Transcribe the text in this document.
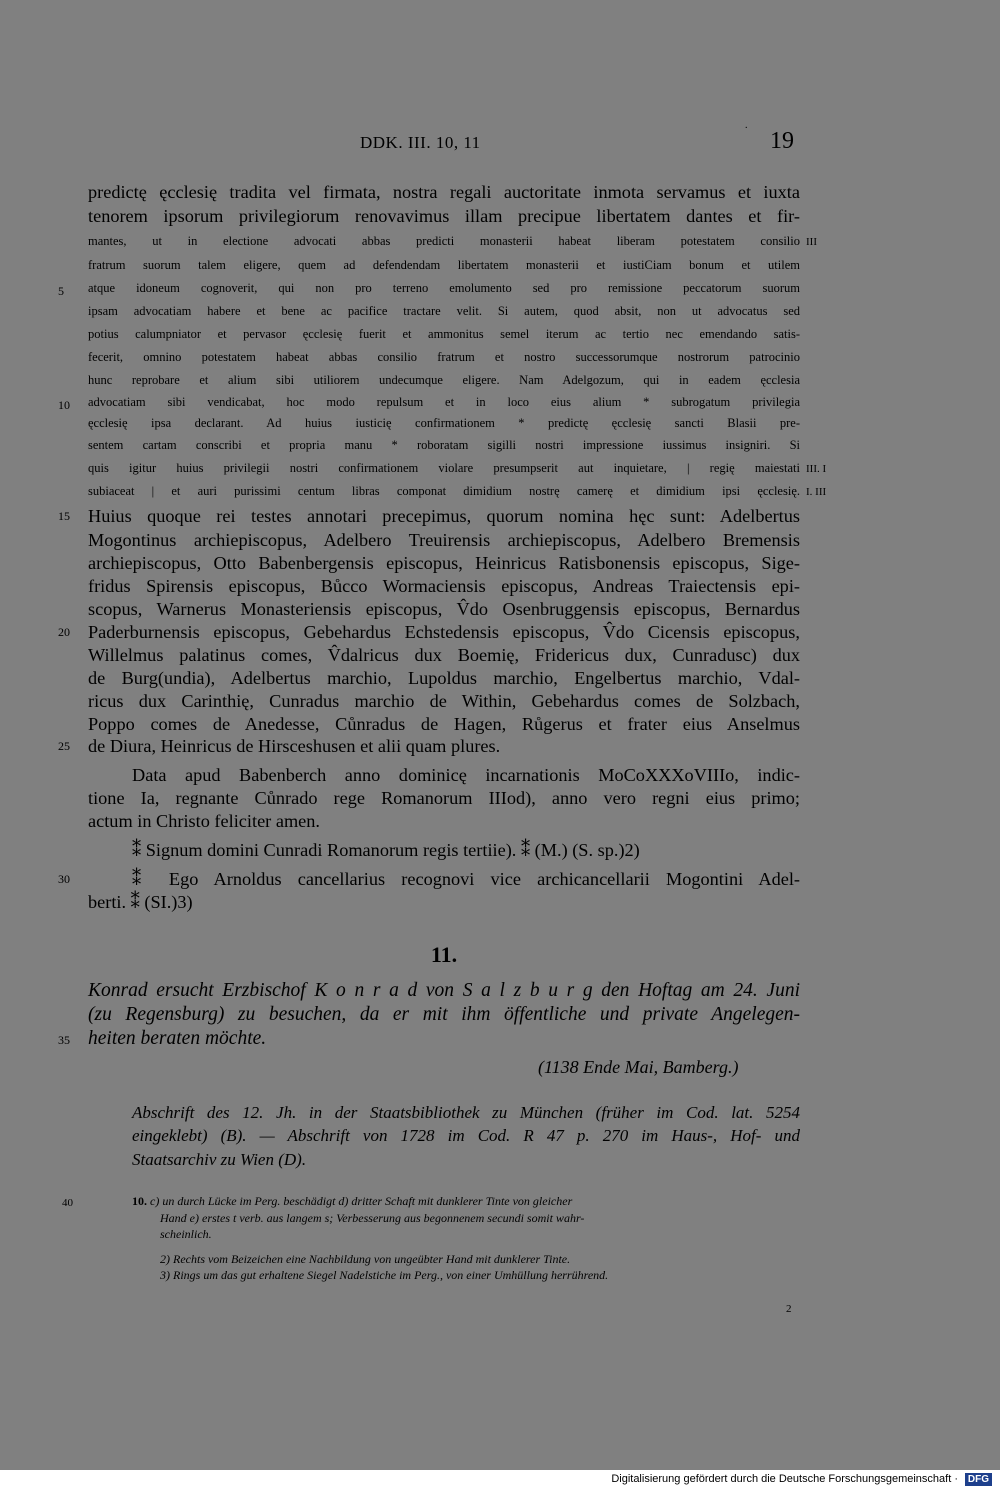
.
DDK. III. 10, 11	19
predictę ęcclesię tradita vel firmata, nostra regali auctoritate inmota servamus et iuxta
tenorem ipsorum privilegiorum renovavimus illam precipue libertatem dantes et fir-
mantes, ut in electione advocati abbas predicti monasterii habeat liberam potestatem consilio III
fratrum suorum talem eligere, quem ad defendendam libertatem monasterii et iustiCiam bonum et utilem
atque idoneum cognoverit, qui non pro terreno emolumento sed pro remissione peccatorum suorum
5
ipsam advocatiam habere et bene ac pacifice tractare velit. Si autem, quod absit, non ut advocatus sed
potius calumpniator et pervasor ęcclesię fuerit et ammonitus semel iterum ac tertio nec emendando satis-
fecerit, omnino potestatem habeat abbas consilio fratrum et nostro successorumque nostrorum patrocinio
hunc reprobare et alium sibi utiliorem undecumque eligere. Nam Adelgozum, qui in eadem ęcclesia
advocatiam sibi vendicabat, hoc modo repulsum et in loco eius alium * subrogatum privilegia
10
ęcclesię ipsa declarant. Ad huius iusticię confirmationem * predictę ęcclesię sancti Blasii pre-
sentem cartam conscribi et propria manu * roboratam sigilli nostri impressione iussimus insigniri. Si
quis igitur huius privilegii nostri confirmationem violare presumpserit aut inquietare, | regię maiestati III. I
subiaceat | et auri purissimi centum libras componat dimidium nostrę camerę et dimidium ipsi ęcclesię. I. III
Huius quoque rei testes annotari precepimus, quorum nomina hęc sunt: Adelbertus
15
Mogontinus archiepiscopus, Adelbero Treuirensis archiepiscopus, Adelbero Bremensis
archiepiscopus, Otto Babenbergensis episcopus, Heinricus Ratisbonensis episcopus, Sige-
fridus Spirensis episcopus, Bůcco Wormaciensis episcopus, Andreas Traiectensis epi-
scopus, Warnerus Monasteriensis episcopus, V̂do Osenbruggensis episcopus, Bernardus
Paderburnensis episcopus, Gebehardus Echstedensis episcopus, V̂do Cicensis episcopus,
20
Willelmus palatinus comes, V̂dalricus dux Boemię, Fridericus dux, Cunradusc) dux
de Burg(undia), Adelbertus marchio, Lupoldus marchio, Engelbertus marchio, Vdal-
ricus dux Carinthię, Cunradus marchio de Within, Gebehardus comes de Solzbach,
Poppo comes de Anedesse, Cůnradus de Hagen, Růgerus et frater eius Anselmus
de Diura, Heinricus de Hirsceshusen et alii quam plures.
25
Data apud Babenberch anno dominicę incarnationis MoCoXXXoVIIIo, indic-
tione Ia, regnante Cůnrado rege Romanorum IIIod), anno vero regni eius primo;
actum in Christo feliciter amen.
⁑ Signum domini Cunradi Romanorum regis tertiie). ⁑ (M.) (S. sp.)2)
⁑ Ego Arnoldus cancellarius recognovi vice archicancellarii Mogontini Adel-
30
berti. ⁑ (SI.)3)
11.
Konrad ersucht Erzbischof K o n r a d von S a l z b u r g den Hoftag am 24. Juni
(zu Regensburg) zu besuchen, da er mit ihm öffentliche und private Angelegen-
heiten beraten möchte.
35
(1138 Ende Mai, Bamberg.)
Abschrift des 12. Jh. in der Staatsbibliothek zu München (früher im Cod. lat. 5254
eingeklebt) (B). — Abschrift von 1728 im Cod. R 47 p. 270 im Haus-, Hof- und
Staatsarchiv zu Wien (D).
40	10. c) un durch Lücke im Perg. beschädigt d) dritter Schaft mit dunklerer Tinte von gleicher
Hand e) erstes t verb. aus langem s; Verbesserung aus begonnenem secundi somit wahr-
scheinlich.
2) Rechts vom Beizeichen eine Nachbildung von ungeübter Hand mit dunklerer Tinte.
3) Rings um das gut erhaltene Siegel Nadelstiche im Perg., von einer Umhüllung herrührend.
2
Digitalisierung gefördert durch die Deutsche Forschungsgemeinschaft · DFG
